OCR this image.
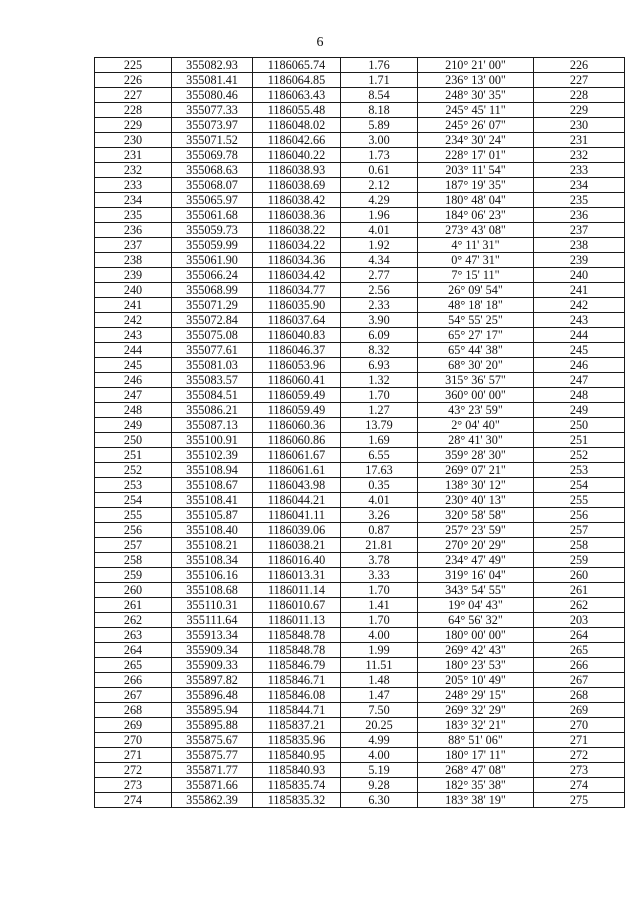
6
225	355082.93	1186065.74	1.76	210° 21' 00"	226
226	355081.41	1186064.85	1.71	236° 13' 00"	227
227	355080.46	1186063.43	8.54	248° 30' 35"	228
228	355077.33	1186055.48	8.18	245° 45' 11"	229
229	355073.97	1186048.02	5.89	245° 26' 07"	230
230	355071.52	1186042.66	3.00	234° 30' 24"	231
231	355069.78	1186040.22	1.73	228° 17' 01"	232
232	355068.63	1186038.93	0.61	203° 11' 54"	233
233	355068.07	1186038.69	2.12	187° 19' 35"	234
234	355065.97	1186038.42	4.29	180° 48' 04"	235
235	355061.68	1186038.36	1.96	184° 06' 23"	236
236	355059.73	1186038.22	4.01	273° 43' 08"	237
237	355059.99	1186034.22	1.92	4° 11' 31"	238
238	355061.90	1186034.36	4.34	0° 47' 31"	239
239	355066.24	1186034.42	2.77	7° 15' 11"	240
240	355068.99	1186034.77	2.56	26° 09' 54"	241
241	355071.29	1186035.90	2.33	48° 18' 18"	242
242	355072.84	1186037.64	3.90	54° 55' 25"	243
243	355075.08	1186040.83	6.09	65° 27' 17"	244
244	355077.61	1186046.37	8.32	65° 44' 38"	245
245	355081.03	1186053.96	6.93	68° 30' 20"	246
246	355083.57	1186060.41	1.32	315° 36' 57"	247
247	355084.51	1186059.49	1.70	360° 00' 00"	248
248	355086.21	1186059.49	1.27	43° 23' 59"	249
249	355087.13	1186060.36	13.79	2° 04' 40"	250
250	355100.91	1186060.86	1.69	28° 41' 30"	251
251	355102.39	1186061.67	6.55	359° 28' 30"	252
252	355108.94	1186061.61	17.63	269° 07' 21"	253
253	355108.67	1186043.98	0.35	138° 30' 12"	254
254	355108.41	1186044.21	4.01	230° 40' 13"	255
255	355105.87	1186041.11	3.26	320° 58' 58"	256
256	355108.40	1186039.06	0.87	257° 23' 59"	257
257	355108.21	1186038.21	21.81	270° 20' 29"	258
258	355108.34	1186016.40	3.78	234° 47' 49"	259
259	355106.16	1186013.31	3.33	319° 16' 04"	260
260	355108.68	1186011.14	1.70	343° 54' 55"	261
261	355110.31	1186010.67	1.41	19° 04' 43"	262
262	355111.64	1186011.13	1.70	64° 56' 32"	203
263	355913.34	1185848.78	4.00	180° 00' 00"	264
264	355909.34	1185848.78	1.99	269° 42' 43"	265
265	355909.33	1185846.79	11.51	180° 23' 53"	266
266	355897.82	1185846.71	1.48	205° 10' 49"	267
267	355896.48	1185846.08	1.47	248° 29' 15"	268
268	355895.94	1185844.71	7.50	269° 32' 29"	269
269	355895.88	1185837.21	20.25	183° 32' 21"	270
270	355875.67	1185835.96	4.99	88° 51' 06"	271
271	355875.77	1185840.95	4.00	180° 17' 11"	272
272	355871.77	1185840.93	5.19	268° 47' 08"	273
273	355871.66	1185835.74	9.28	182° 35' 38"	274
274	355862.39	1185835.32	6.30	183° 38' 19"	275
